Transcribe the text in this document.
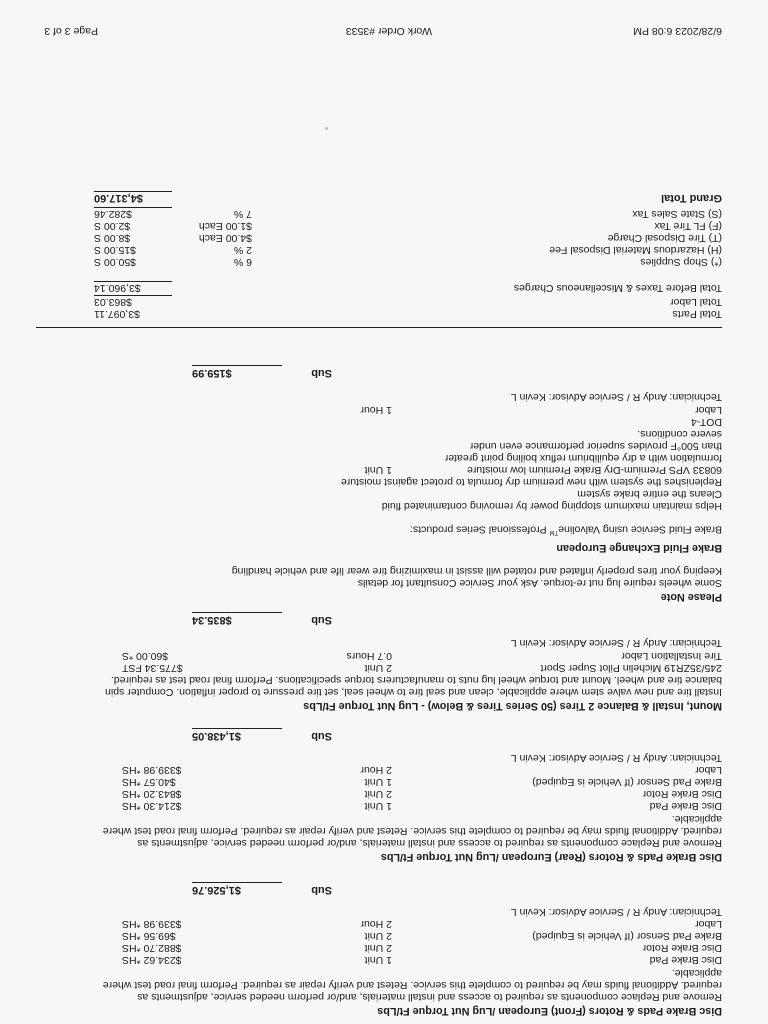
Disc Brake Pads & Rotors (Front) European /Lug Nut Torque Ft/Lbs
Remove and Replace components as required to access and install materials, and/or perform needed service, adjustments as
required. Additional fluids may be required to complete this service. Retest and verify repair as required. Perform final road test where
applicable.
Disc Brake Pad
1 Unit
$234.62 *HS
Disc Brake Rotor
2 Unit
$882.70 *HS
Brake Pad Sensor (If Vehicle is Equiped)
2 Unit
$69.56 *HS
Labor
2 Hour
$339.98 *HS
Technician: Andy R / Service Advisor: Kevin L
Sub
$1,526.76
Disc Brake Pads & Rotors (Rear) European /Lug Nut Torque Ft/Lbs
Remove and Replace components as required to access and install materials, and/or perform needed service, adjustments as
required. Additional fluids may be required to complete this service. Retest and verify repair as required. Perform final road test where
applicable.
Disc Brake Pad
1 Unit
$214.30 *HS
Disc Brake Rotor
2 Unit
$843.20 *HS
Brake Pad Sensor (If Vehicle is Equiped)
1 Unit
$40.57 *HS
Labor
2 Hour
$339.98 *HS
Technician: Andy R / Service Advisor: Kevin L
Sub
$1,438.05
Mount, Install & Balance 2 Tires (50 Series Tires & Below) - Lug Nut Torque Ft/Lbs
Install tire and new valve stem where applicable, clean and seal tire to wheel seal, set tire pressure to proper inflation. Computer spin
balance tire and wheel. Mount and torque wheel lug nuts to manufacturers torque specifications. Perform final road test as required.
245/35ZR19 Michelin Pilot Super Sport
2 Unit
$775.34 FST
Tire Installation Labor
0.7 Hours
$60.00 *S
Technician: Andy R / Service Advisor: Kevin L
Sub
$835.34
Please Note
Some wheels require lug nut re-torque. Ask your Service Consultant for details
Keeping your tires properly inflated and rotated will assist in maximizing tire wear life and vehicle handling
Brake Fluid Exchange European
Brake Fluid Service using Valvoline™ Professional Series products:
Helps maintain maximum stopping power by removing contaminated fluid
Cleans the entire brake system
Replenishes the system with new premium dry formula to protect against moisture
60833 VPS Premium-Dry Brake Premium low moisture
1 Unit
formulation with a dry equilibrium reflux boiling point greater
than 500°F provides superior performance even under
severe conditions.
DOT-4
Labor
1 Hour
Technician: Andy R / Service Advisor: Kevin L
Sub
$159.99
Total Parts
$3,097.11
Total Labor
$863.03
Total Before Taxes & Miscellaneous Charges
$3,960.14
(*) Shop Supplies
6 %
$50.00 S
(H) Hazardous Material Disposal Fee
2 %
$15.00 S
(T) Tire Disposal Charge
$4.00 Each
$8.00 S
(F) FL Tire Tax
$1.00 Each
$2.00 S
(S) State Sales Tax
7 %
$282.46
Grand Total
$4,317.60
6/28/2023 6:08 PM
Work Order #3533
Page 3 of 3
